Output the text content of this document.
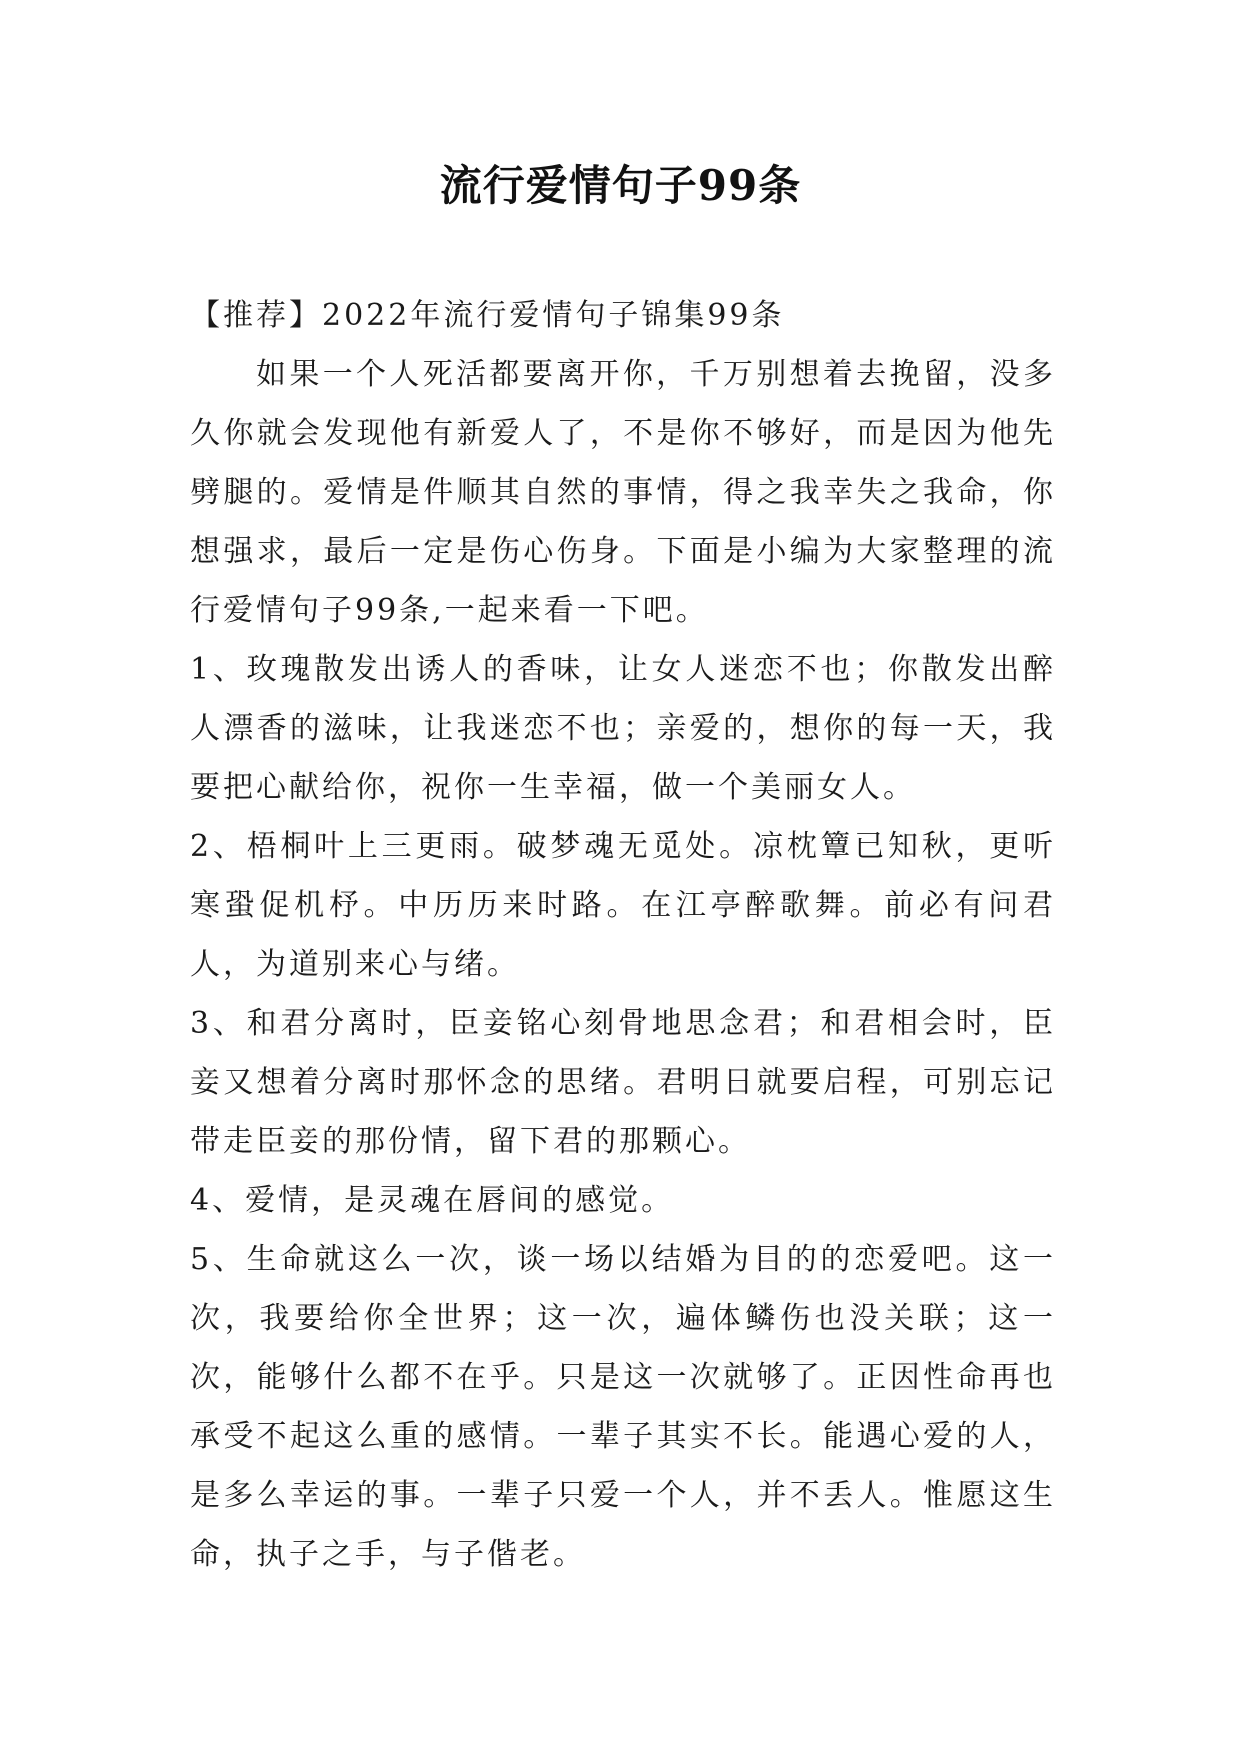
流行爱情句子99条

【推荐】2022年流行爱情句子锦集99条

如果一个人死活都要离开你，千万别想着去挽留，没多久你就会发现他有新爱人了，不是你不够好，而是因为他先劈腿的。爱情是件顺其自然的事情，得之我幸失之我命，你想强求，最后一定是伤心伤身。下面是小编为大家整理的流行爱情句子99条,一起来看一下吧。

1、玫瑰散发出诱人的香味，让女人迷恋不也；你散发出醉人漂香的滋味，让我迷恋不也；亲爱的，想你的每一天，我要把心献给你，祝你一生幸福，做一个美丽女人。

2、梧桐叶上三更雨。破梦魂无觅处。凉枕簟已知秋，更听寒蛩促机杼。中历历来时路。在江亭醉歌舞。前必有问君人，为道别来心与绪。

3、和君分离时，臣妾铭心刻骨地思念君；和君相会时，臣妾又想着分离时那怀念的思绪。君明日就要启程，可别忘记带走臣妾的那份情，留下君的那颗心。

4、爱情，是灵魂在唇间的感觉。

5、生命就这么一次，谈一场以结婚为目的的恋爱吧。这一次，我要给你全世界；这一次，遍体鳞伤也没关联；这一次，能够什么都不在乎。只是这一次就够了。正因性命再也承受不起这么重的感情。一辈子其实不长。能遇心爱的人，是多么幸运的事。一辈子只爱一个人，并不丢人。惟愿这生命，执子之手，与子偕老。
